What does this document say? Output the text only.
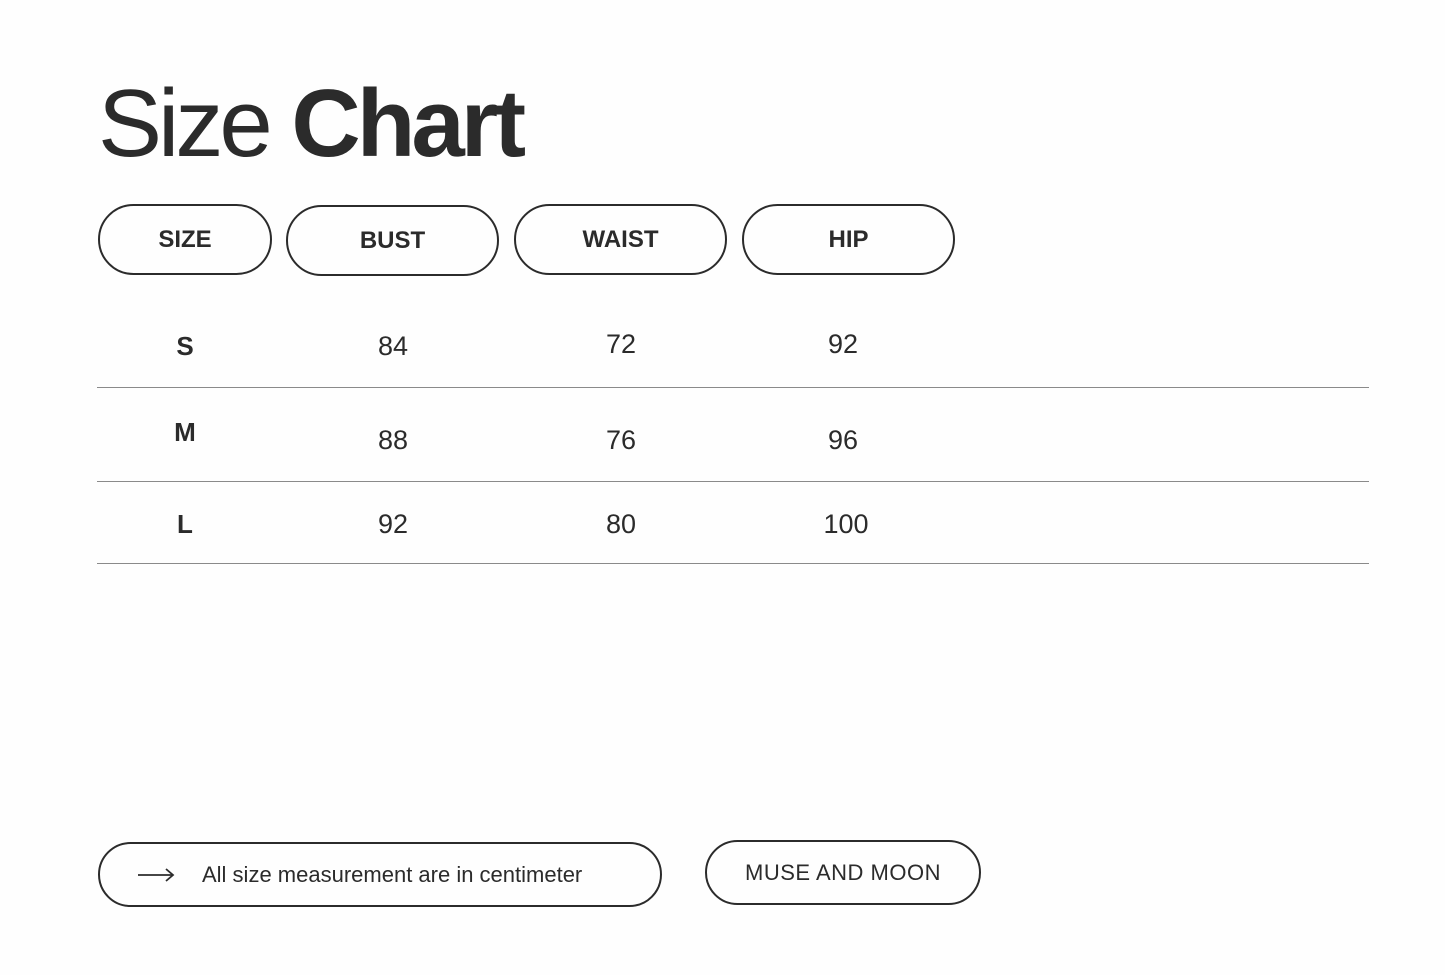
Size Chart
SIZE	BUST	WAIST	HIP
S	84	72	92
M	88	76	96
L	92	80	100
All size measurement are in centimeter	MUSE AND MOON
